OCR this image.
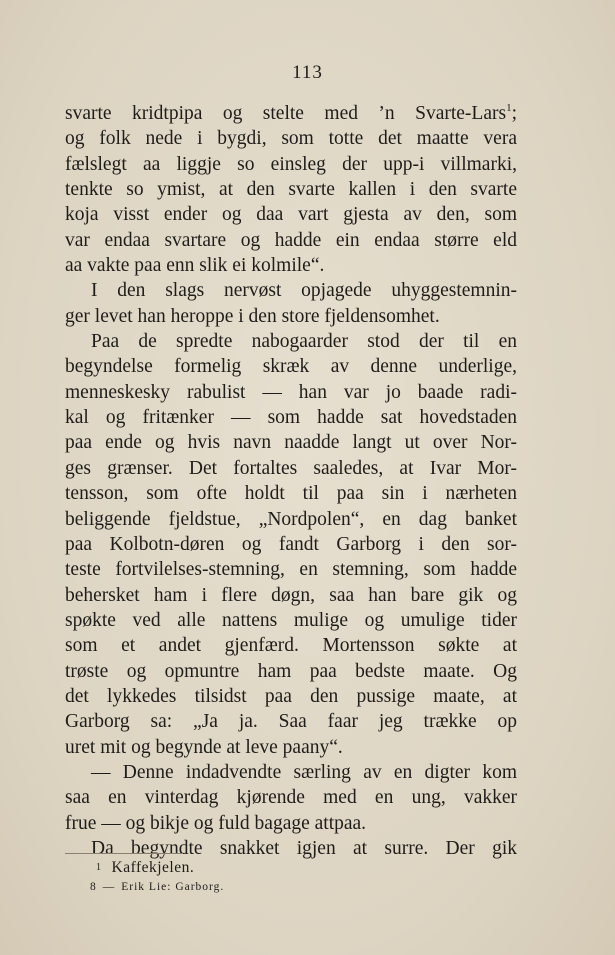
113
svarte kridtpipa og stelte med ’n Svarte-Lars$^1$;
og folk nede i bygdi, som totte det maatte vera
fælslegt aa liggje so einsleg der upp-i villmarki,
tenkte so ymist, at den svarte kallen i den svarte
koja visst ender og daa vart gjesta av den, som
var endaa svartare og hadde ein endaa større eld
aa vakte paa enn slik ei kolmile“.
I den slags nervøst opjagede uhyggestemnin-
ger levet han heroppe i den store fjeldensomhet.
Paa de spredte nabogaarder stod der til en
begyndelse formelig skræk av denne underlige,
menneskesky rabulist — han var jo baade radi-
kal og fritænker — som hadde sat hovedstaden
paa ende og hvis navn naadde langt ut over Nor-
ges grænser. Det fortaltes saaledes, at Ivar Mor-
tensson, som ofte holdt til paa sin i nærheten
beliggende fjeldstue, „Nordpolen“, en dag banket
paa Kolbotn-døren og fandt Garborg i den sor-
teste fortvilelses-stemning, en stemning, som hadde
behersket ham i flere døgn, saa han bare gik og
spøkte ved alle nattens mulige og umulige tider
som et andet gjenfærd. Mortensson søkte at
trøste og opmuntre ham paa bedste maate. Og
det lykkedes tilsidst paa den pussige maate, at
Garborg sa: „Ja ja. Saa faar jeg trække op
uret mit og begynde at leve paany“.
— Denne indadvendte særling av en digter kom
saa en vinterdag kjørende med en ung, vakker
frue — og bikje og fuld bagage attpaa.
Da begyndte snakket igjen at surre. Der gik
$^1$ Kaffekjelen.
8 — Erik Lie: Garborg.
